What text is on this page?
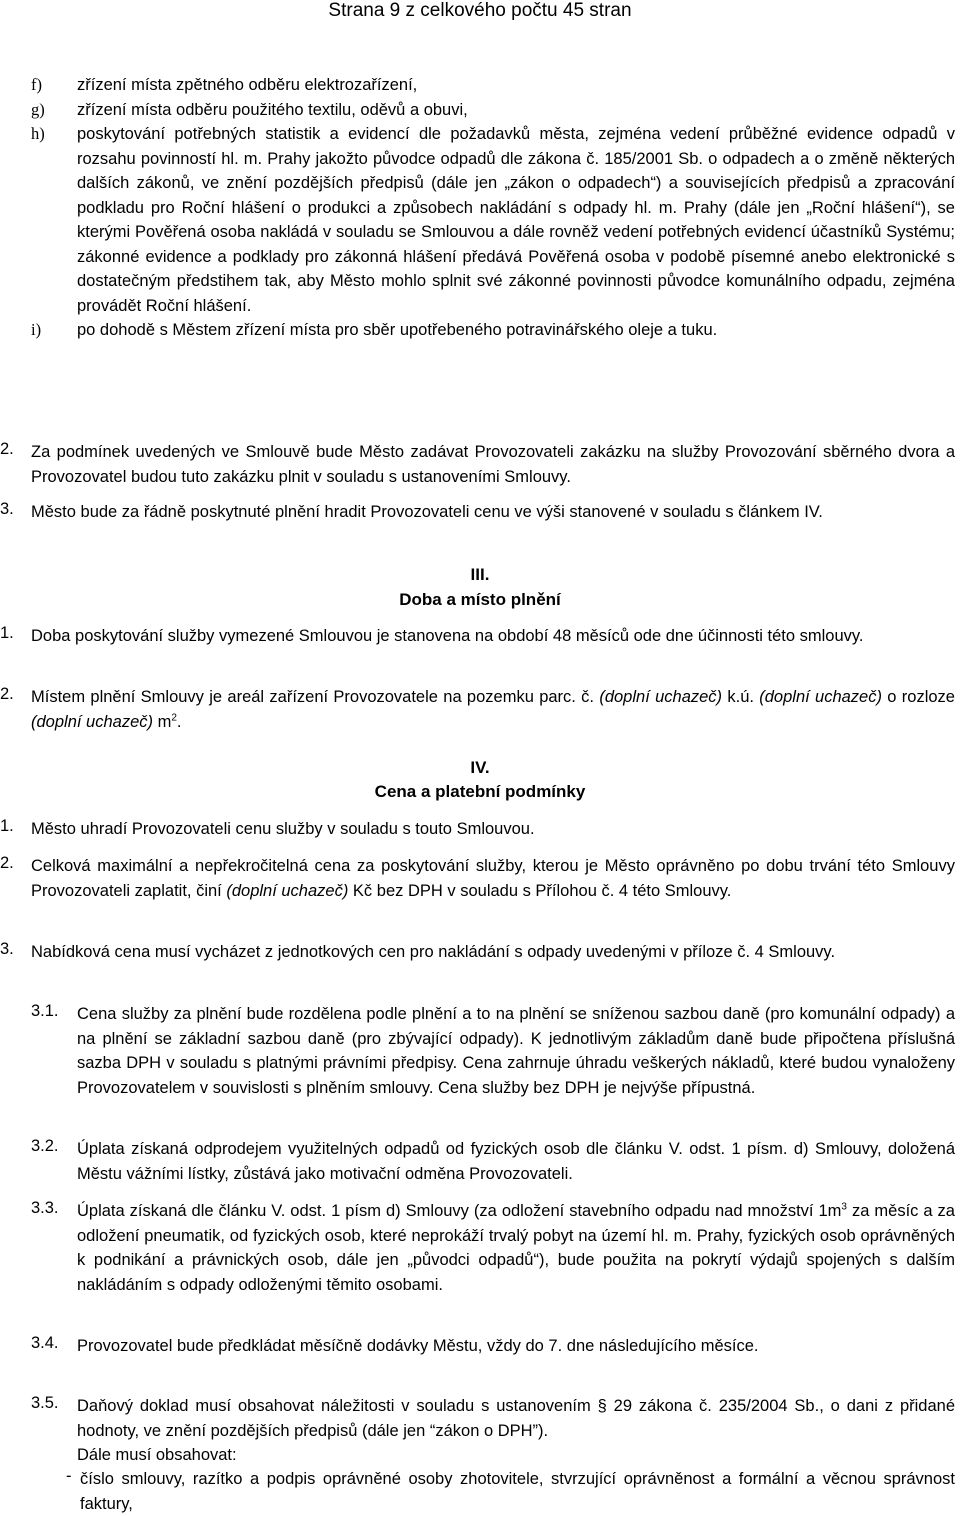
Strana 9 z celkového počtu 45 stran
f) zřízení místa zpětného odběru elektrozařízení,
g) zřízení místa odběru použitého textilu, oděvů a obuvi,
h) poskytování potřebných statistik a evidencí dle požadavků města, zejména vedení průběžné evidence odpadů v rozsahu povinností hl. m. Prahy jakožto původce odpadů dle zákona č. 185/2001 Sb. o odpadech a o změně některých dalších zákonů, ve znění pozdějších předpisů (dále jen „zákon o odpadech“) a souvisejících předpisů a zpracování podkladu pro Roční hlášení o produkci a způsobech nakládání s odpady hl. m. Prahy (dále jen „Roční hlášení“), se kterými Pověřená osoba nakládá v souladu se Smlouvou a dále rovněž vedení potřebných evidencí účastníků Systému; zákonné evidence a podklady pro zákonná hlášení předává Pověřená osoba v podobě písemné anebo elektronické s dostatečným předstihem tak, aby Město mohlo splnit své zákonné povinnosti původce komunálního odpadu, zejména provádět Roční hlášení.
i) po dohodě s Městem zřízení místa pro sběr upotřebeného potravinářského oleje a tuku.
2. Za podmínek uvedených ve Smlouvě bude Město zadávat Provozovateli zakázku na služby Provozování sběrného dvora a Provozovatel budou tuto zakázku plnit v souladu s ustanoveními Smlouvy.
3. Město bude za řádně poskytnuté plnění hradit Provozovateli cenu ve výši stanovené v souladu s článkem IV.
III.
Doba a místo plnění
1. Doba poskytování služby vymezené Smlouvou je stanovena na období 48 měsíců ode dne účinnosti této smlouvy.
2. Místem plnění Smlouvy je areál zařízení Provozovatele na pozemku parc. č. (doplní uchazeč) k.ú. (doplní uchazeč) o rozloze (doplní uchazeč) $m^2$.
IV.
Cena a platební podmínky
1. Město uhradí Provozovateli cenu služby v souladu s touto Smlouvou.
2. Celková maximální a nepřekročitelná cena za poskytování služby, kterou je Město oprávněno po dobu trvání této Smlouvy Provozovateli zaplatit, činí (doplní uchazeč) Kč bez DPH v souladu s Přílohou č. 4 této Smlouvy.
3. Nabídková cena musí vycházet z jednotkových cen pro nakládání s odpady uvedenými v příloze č. 4 Smlouvy.
3.1. Cena služby za plnění bude rozdělena podle plnění a to na plnění se sníženou sazbou daně (pro komunální odpady) a na plnění se základní sazbou daně (pro zbývající odpady). K jednotlivým základům daně bude připočtena příslušná sazba DPH v souladu s platnými právními předpisy. Cena zahrnuje úhradu veškerých nákladů, které budou vynaloženy Provozovatelem v souvislosti s plněním smlouvy. Cena služby bez DPH je nejvýše přípustná.
3.2. Úplata získaná odprodejem využitelných odpadů od fyzických osob dle článku V. odst. 1 písm. d) Smlouvy, doložená Městu vážními lístky, zůstává jako motivační odměna Provozovateli.
3.3. Úplata získaná dle článku V. odst. 1 písm d) Smlouvy (za odložení stavebního odpadu nad množství $1m^3$ za měsíc a za odložení pneumatik, od fyzických osob, které neprokáží trvalý pobyt na území hl. m. Prahy, fyzických osob oprávněných k podnikání a právnických osob, dále jen „původci odpadů“), bude použita na pokrytí výdajů spojených s dalším nakládáním s odpady odloženými těmito osobami.
3.4. Provozovatel bude předkládat měsíčně dodávky Městu, vždy do 7. dne následujícího měsíce.
3.5. Daňový doklad musí obsahovat náležitosti v souladu s ustanovením § 29 zákona č. 235/2004 Sb., o dani z přidané hodnoty, ve znění pozdějších předpisů (dále jen “zákon o DPH”).
Dále musí obsahovat:
- číslo smlouvy, razítko a podpis oprávněné osoby zhotovitele, stvrzující oprávněnost a formální a věcnou správnost faktury,
